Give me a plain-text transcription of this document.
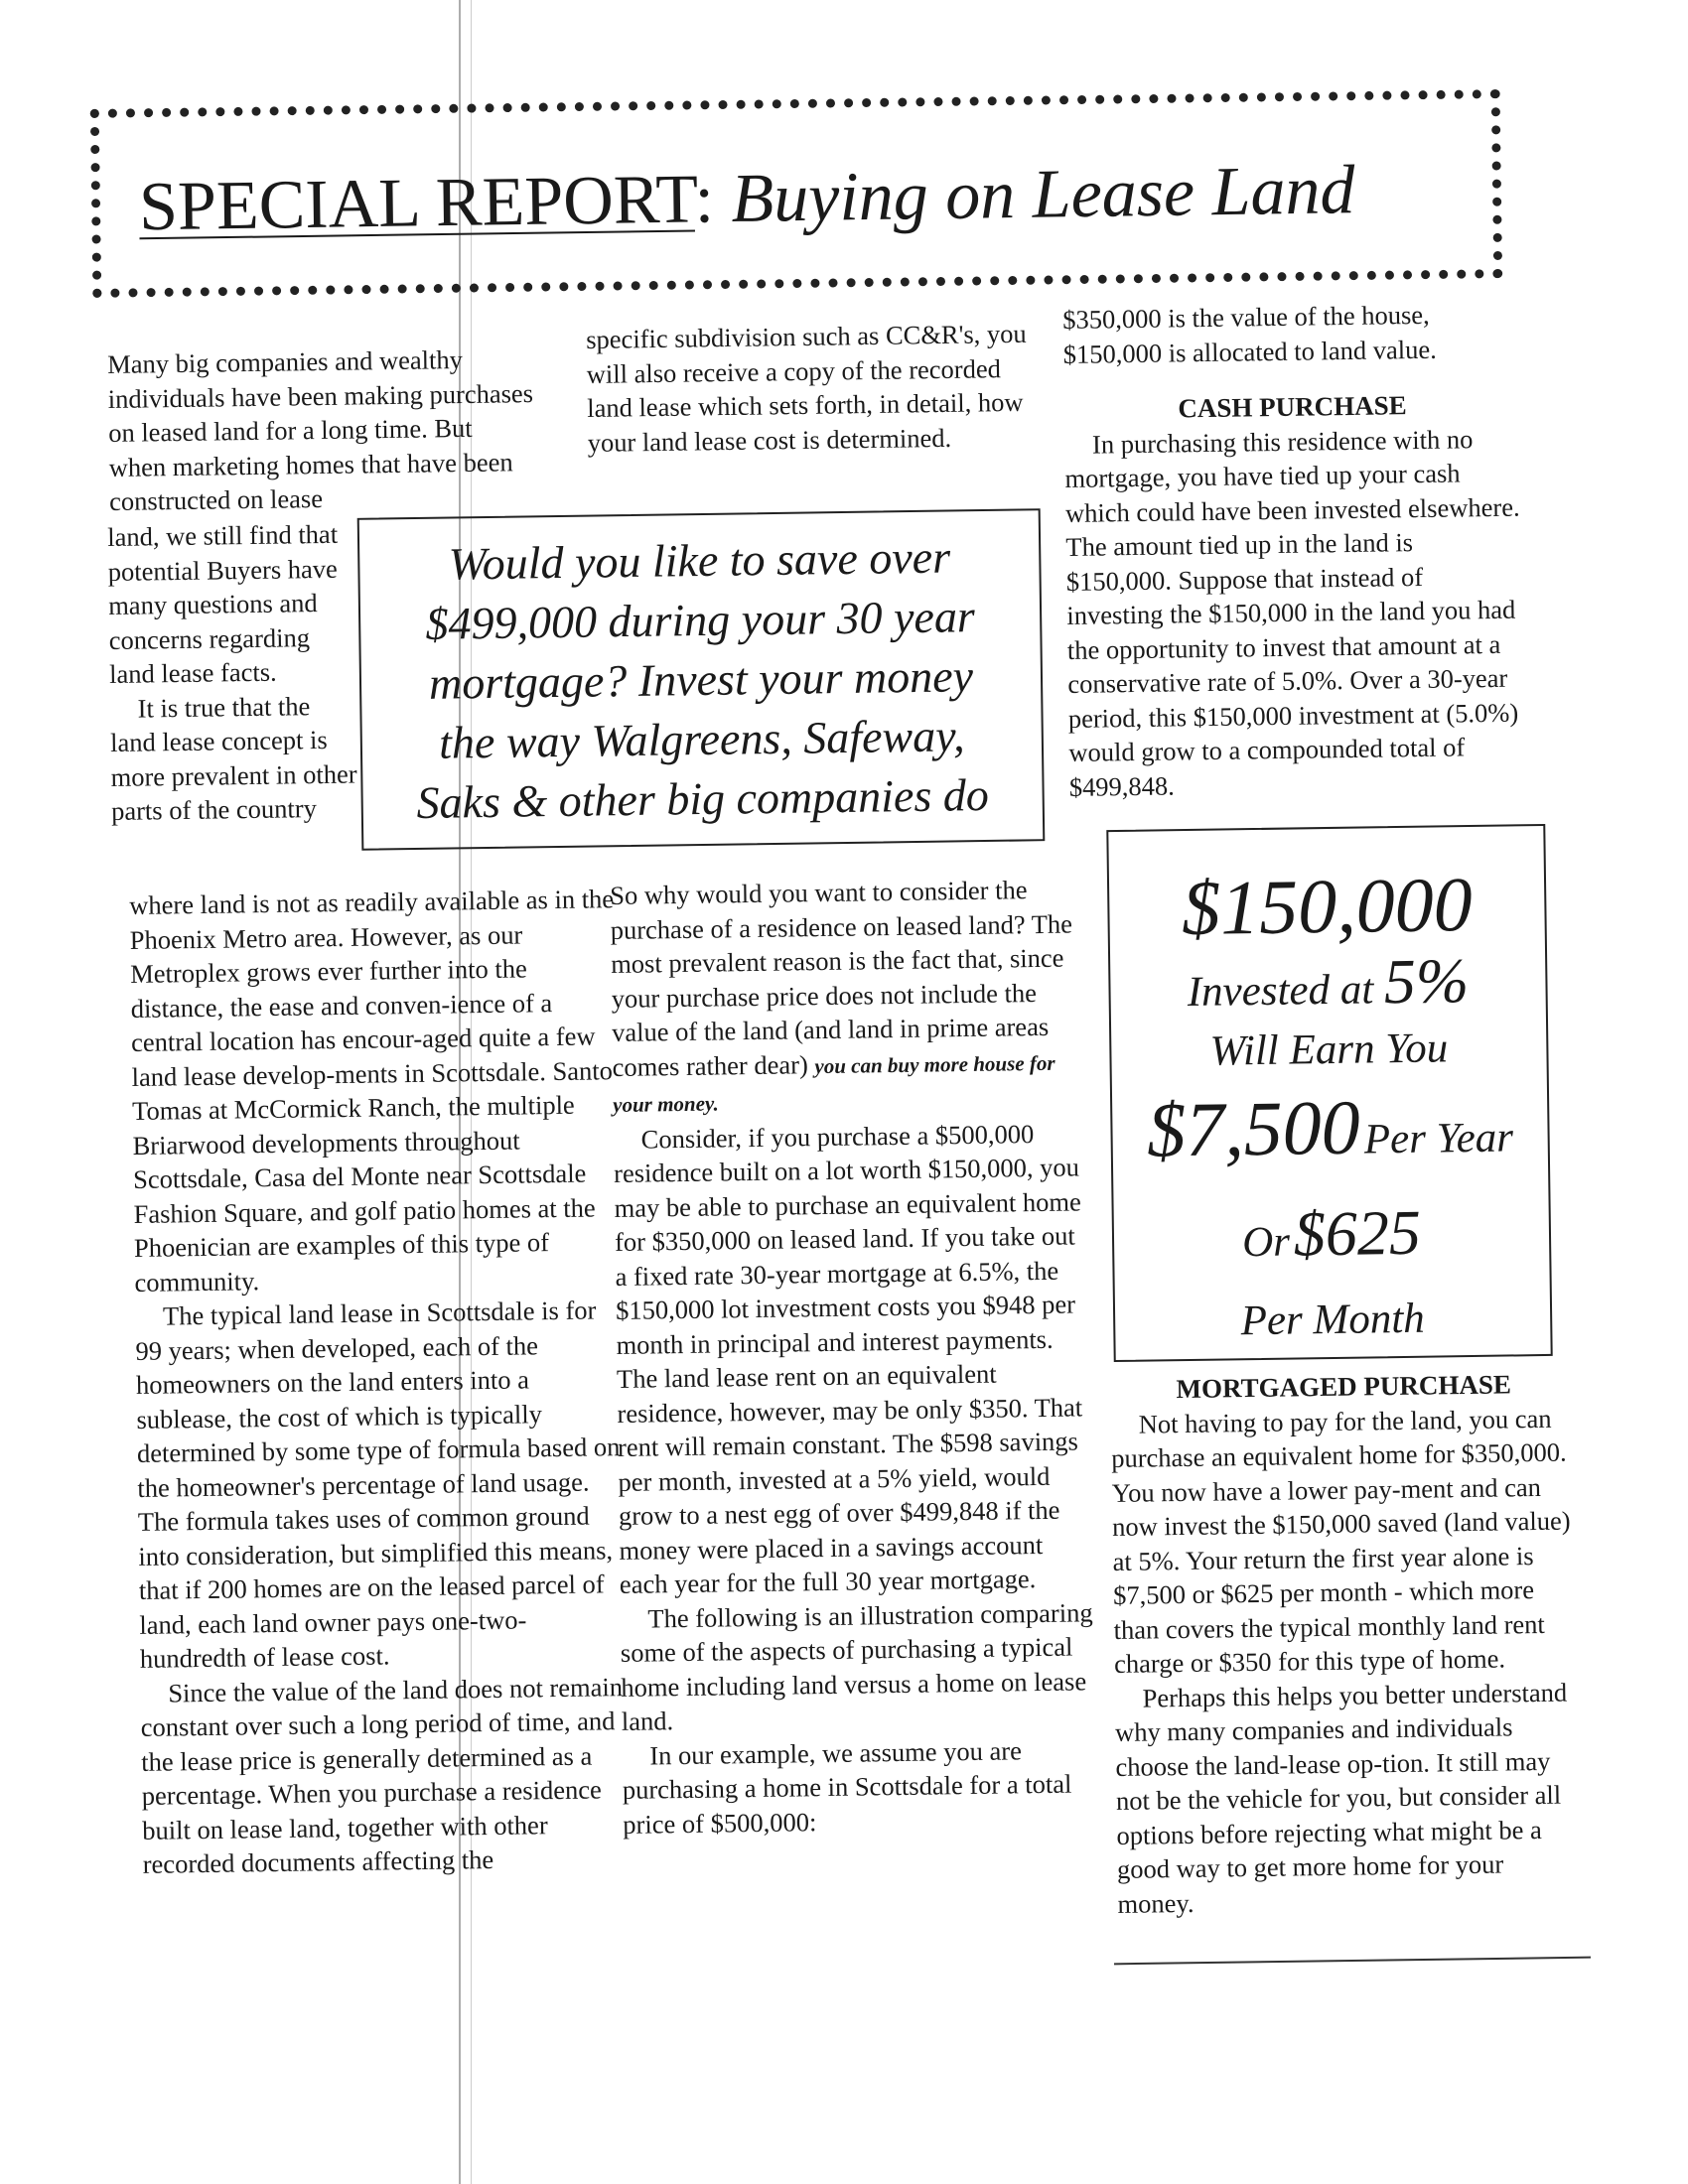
SPECIAL REPORT: Buying on Lease Land

Many big companies and wealthy individuals have been making purchases on leased land for a long time. But when marketing homes that have been constructed on lease

land, we still find that potential Buyers have many questions and concerns regarding land lease facts.

It is true that the land lease concept is more prevalent in other parts of the country

where land is not as readily available as in the Phoenix Metro area. However, as our Metroplex grows ever further into the distance, the ease and conven-ience of a central location has encour-aged quite a few land lease develop-ments in Scottsdale. Santo Tomas at McCormick Ranch, the multiple Briarwood developments throughout Scottsdale, Casa del Monte near Scottsdale Fashion Square, and golf patio homes at the Phoenician are examples of this type of community.

The typical land lease in Scottsdale is for 99 years; when developed, each of the homeowners on the land enters into a sublease, the cost of which is typically determined by some type of formula based on the homeowner's percentage of land usage. The formula takes uses of common ground into consideration, but simplified this means, that if 200 homes are on the leased parcel of land, each land owner pays one-two-hundredth of lease cost.

Since the value of the land does not remain constant over such a long period of time, and the lease price is generally determined as a percentage. When you purchase a residence built on lease land, together with other recorded documents affecting the

specific subdivision such as CC&R's, you will also receive a copy of the recorded land lease which sets forth, in detail, how your land lease cost is determined.

Would you like to save over
$499,000 during your 30 year
mortgage? Invest your money
the way Walgreens, Safeway,
Saks & other big companies do

So why would you want to consider the purchase of a residence on leased land? The most prevalent reason is the fact that, since your purchase price does not include the value of the land (and land in prime areas comes rather dear) you can buy more house for your money.

Consider, if you purchase a $500,000 residence built on a lot worth $150,000, you may be able to purchase an equivalent home for $350,000 on leased land. If you take out a fixed rate 30-year mortgage at 6.5%, the $150,000 lot investment costs you $948 per month in principal and interest payments. The land lease rent on an equivalent residence, however, may be only $350. That rent will remain constant. The $598 savings per month, invested at a 5% yield, would grow to a nest egg of over $499,848 if the money were placed in a savings account each year for the full 30 year mortgage.

The following is an illustration comparing some of the aspects of purchasing a typical home including land versus a home on lease land.

In our example, we assume you are purchasing a home in Scottsdale for a total price of $500,000:

$350,000 is the value of the house, $150,000 is allocated to land value.

CASH PURCHASE

In purchasing this residence with no mortgage, you have tied up your cash which could have been invested elsewhere. The amount tied up in the land is $150,000. Suppose that instead of investing the $150,000 in the land you had the opportunity to invest that amount at a conservative rate of 5.0%. Over a 30-year period, this $150,000 investment at (5.0%) would grow to a compounded total of $499,848.

$150,000
Invested at 5%
Will Earn You
$7,500 Per Year
Or $625
Per Month

MORTGAGED PURCHASE

Not having to pay for the land, you can purchase an equivalent home for $350,000. You now have a lower pay-ment and can now invest the $150,000 saved (land value) at 5%. Your return the first year alone is $7,500 or $625 per month - which more than covers the typical monthly land rent charge or $350 for this type of home.

Perhaps this helps you better understand why many companies and individuals choose the land-lease op-tion. It still may not be the vehicle for you, but consider all options before rejecting what might be a good way to get more home for your money.
